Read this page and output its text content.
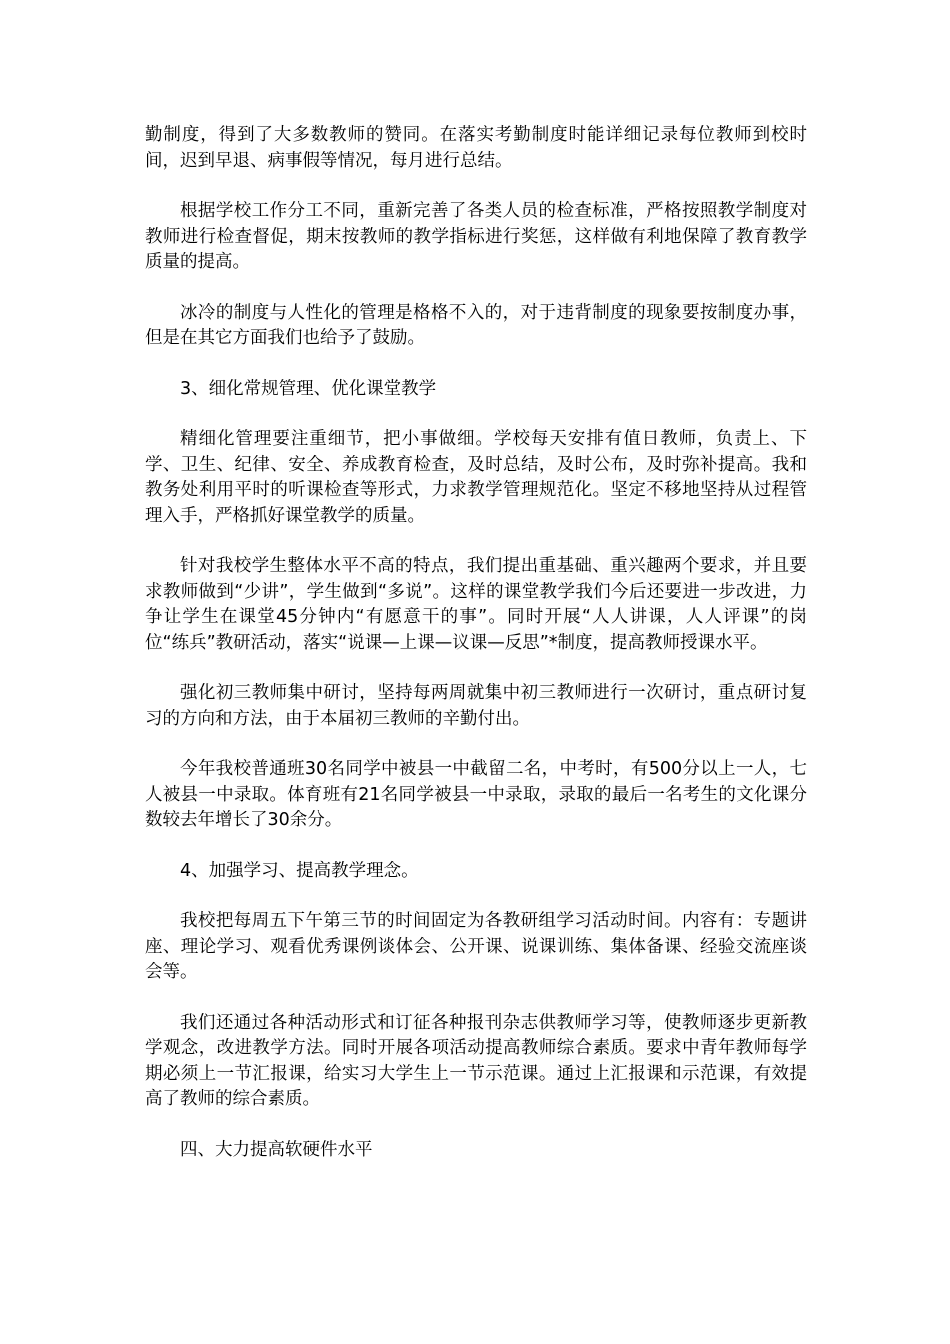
勤制度，得到了大多数教师的赞同。在落实考勤制度时能详细记录每位教师到校时间，迟到早退、病事假等情况，每月进行总结。

根据学校工作分工不同，重新完善了各类人员的检查标准，严格按照教学制度对教师进行检查督促，期末按教师的教学指标进行奖惩，这样做有利地保障了教育教学质量的提高。

冰冷的制度与人性化的管理是格格不入的，对于违背制度的现象要按制度办事，但是在其它方面我们也给予了鼓励。

3、细化常规管理、优化课堂教学

精细化管理要注重细节，把小事做细。学校每天安排有值日教师，负责上、下学、卫生、纪律、安全、养成教育检查，及时总结，及时公布，及时弥补提高。我和教务处利用平时的听课检查等形式，力求教学管理规范化。坚定不移地坚持从过程管理入手，严格抓好课堂教学的质量。

针对我校学生整体水平不高的特点，我们提出重基础、重兴趣两个要求，并且要求教师做到“少讲”，学生做到“多说”。这样的课堂教学我们今后还要进一步改进，力争让学生在课堂45分钟内“有愿意干的事”。同时开展“人人讲课，人人评课”的岗位“练兵”教研活动，落实“说课—上课—议课—反思”*制度，提高教师授课水平。

强化初三教师集中研讨，坚持每两周就集中初三教师进行一次研讨，重点研讨复习的方向和方法，由于本届初三教师的辛勤付出。

今年我校普通班30名同学中被县一中截留二名，中考时，有500分以上一人，七人被县一中录取。体育班有21名同学被县一中录取，录取的最后一名考生的文化课分数较去年增长了30余分。

4、加强学习、提高教学理念。

我校把每周五下午第三节的时间固定为各教研组学习活动时间。内容有：专题讲座、理论学习、观看优秀课例谈体会、公开课、说课训练、集体备课、经验交流座谈会等。

我们还通过各种活动形式和订征各种报刊杂志供教师学习等，使教师逐步更新教学观念，改进教学方法。同时开展各项活动提高教师综合素质。要求中青年教师每学期必须上一节汇报课，给实习大学生上一节示范课。通过上汇报课和示范课，有效提高了教师的综合素质。

四、大力提高软硬件水平
